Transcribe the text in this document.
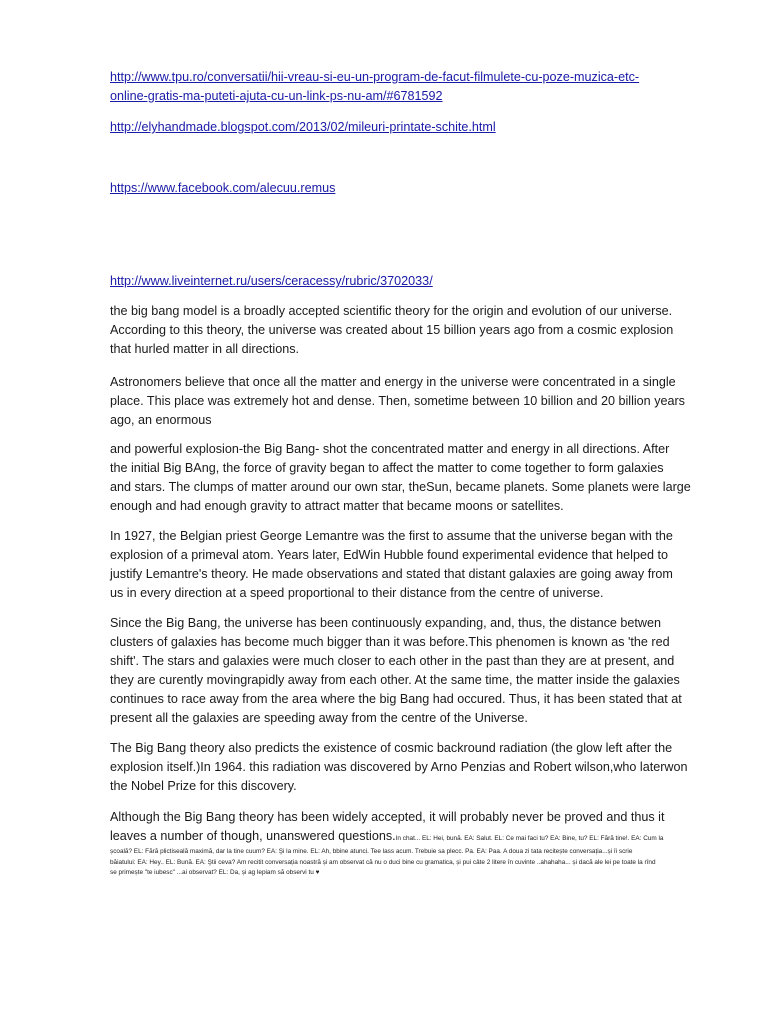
http://www.tpu.ro/conversatii/hii-vreau-si-eu-un-program-de-facut-filmulete-cu-poze-muzica-etc-
online-gratis-ma-puteti-ajuta-cu-un-link-ps-nu-am/#6781592
http://elyhandmade.blogspot.com/2013/02/mileuri-printate-schite.html
https://www.facebook.com/alecuu.remus
http://www.liveinternet.ru/users/ceracessy/rubric/3702033/
the big bang model is a broadly accepted scientific theory for the origin and evolution of our universe.
According to this theory, the universe was created about 15 billion years ago from a cosmic explosion
that hurled matter in all directions.
Astronomers believe that once all the matter and energy in the universe were concentrated in a single
place. This place was extremely hot and dense. Then, sometime between 10 billion and 20 billion years
ago, an enormous
and powerful explosion-the Big Bang- shot the concentrated matter and energy in all directions. After
the initial Big BAng, the force of gravity began to affect the matter to come together to form galaxies
and stars. The clumps of matter around our own star, theSun, became planets. Some planets were large
enough and had enough gravity to attract matter that became moons or satellites.
In 1927, the Belgian priest George Lemantre was the first to assume that the universe began with the
explosion of a primeval atom. Years later, EdWin Hubble found experimental evidence that helped to
justify Lemantre's theory. He made observations and stated that distant galaxies are going away from
us in every direction at a speed proportional to their distance from the centre of universe.
Since the Big Bang, the universe has been continuously expanding, and, thus, the distance betwen
clusters of galaxies has become much bigger than it was before.This phenomen is known as 'the red
shift'. The stars and galaxies were much closer to each other in the past than they are at present, and
they are curently movingrapidly away from each other. At the same time, the matter inside the galaxies
continues to race away from the area where the big Bang had occured. Thus, it has been stated that at
present all the galaxies are speeding away from the centre of the Universe.
The Big Bang theory also predicts the existence of cosmic backround radiation (the glow left after the
explosion itself.)In 1964. this radiation was discovered by Arno Penzias and Robert wilson,who laterwon
the Nobel Prize for this discovery.
Although the Big Bang theory has been widely accepted, it will probably never be proved and thus it
leaves a number of though, unanswered questions.In chat... EL: Hei, bună. EA: Salut. EL: Ce mai faci tu? EA: Bine, tu? EL: Fără tine!. EA: Cum la
școală? EL: Fără plictiseală maximă, dar la tine cuum? EA: Şi la mine. EL: Ah, bbine atunci. Tee lass acum. Trebuie sa plecc. Pa. EA: Paa. A doua zi tata recitește conversația...și îi scrie
băiatului: EA: Hey.. EL: Bună. EA: Ştii ceva? Am recitit conversația noastră și am observat că nu o duci bine cu gramatica, și pui câte 2 litere în cuvinte ..ahahaha... și dacă ale lei pe toate la rînd
se primește "te iubesc" ...ai observat? EL: Da, și ag lepiam să observi tu ♥
